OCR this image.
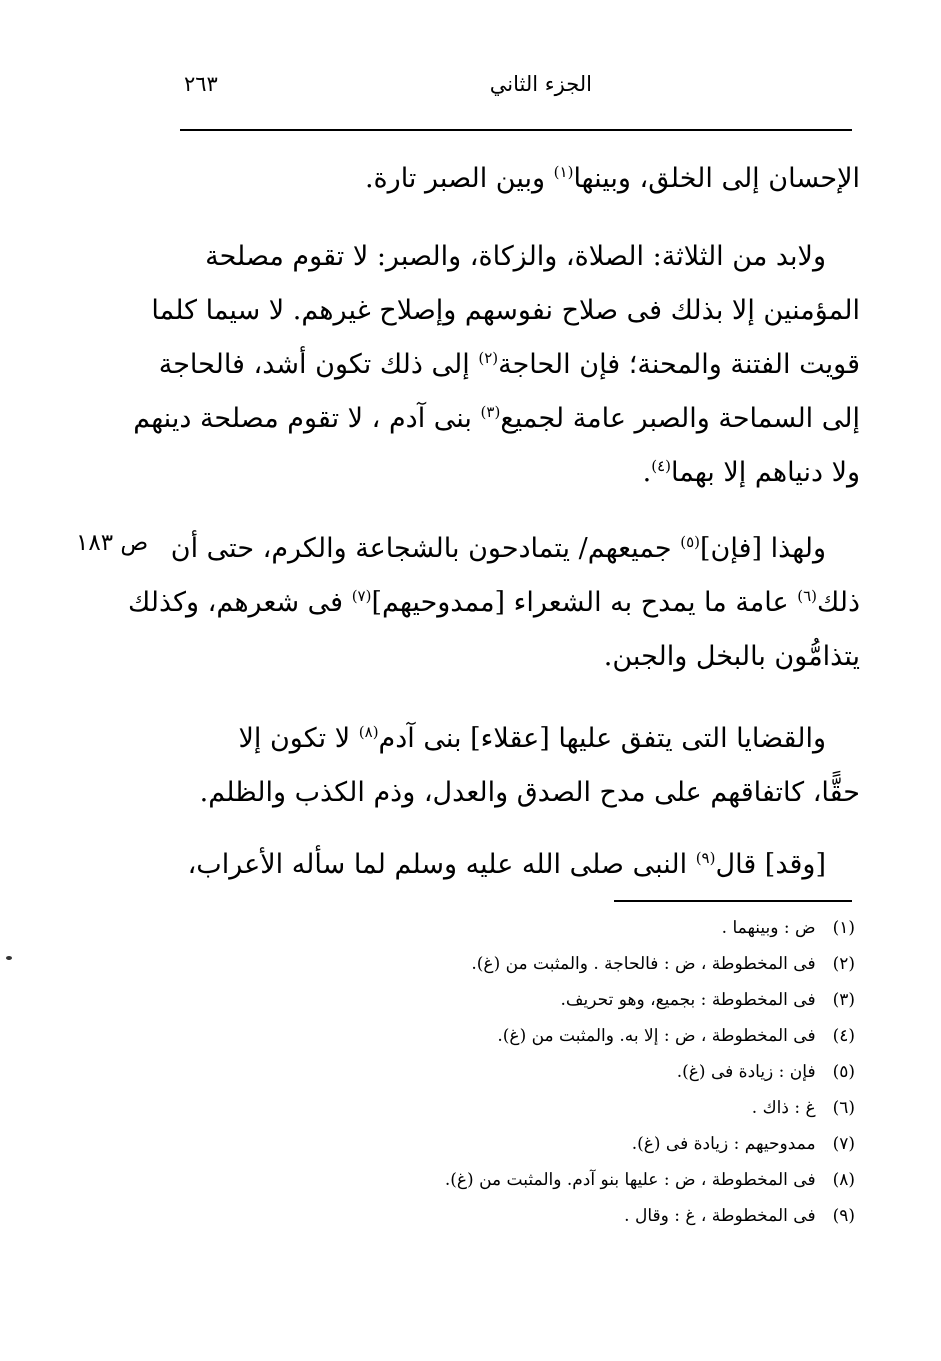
الجزء الثاني
٢٦٣
الإحسان إلى الخلق، وبينها$^{(١)}$ وبين الصبر تارة.
ولابد من الثلاثة: الصلاة، والزكاة، والصبر: لا تقوم مصلحة
المؤمنين إلا بذلك فى صلاح نفوسهم وإصلاح غيرهم. لا سيما كلما
قويت الفتنة والمحنة؛ فإن الحاجة$^{(٢)}$ إلى ذلك تكون أشد، فالحاجة
إلى السماحة والصبر عامة لجميع$^{(٣)}$ بنى آدم ، لا تقوم مصلحة دينهم
ولا دنياهم إلا بهما$^{(٤)}$.
ص ١٨٣	ولهذا [فإن]$^{(٥)}$ جميعهم/ يتمادحون بالشجاعة والكرم، حتى أن
ذلك$^{(٦)}$ عامة ما يمدح به الشعراء [ممدوحيهم]$^{(٧)}$ فى شعرهم، وكذلك
يتذامُّون بالبخل والجبن.
والقضايا التى يتفق عليها [عقلاء] بنى آدم$^{(٨)}$ لا تكون إلا
حقًّا، كاتفاقهم على مدح الصدق والعدل، وذم الكذب والظلم.
[وقد] قال$^{(٩)}$ النبى صلى الله عليه وسلم لما سأله الأعراب،
(١) ض : وبينهما .
(٢) فى المخطوطة ، ض : فالحاجة . والمثبت من (غ).
(٣) فى المخطوطة : بجميع، وهو تحريف.
(٤) فى المخطوطة ، ض : إلا به. والمثبت من (غ).
(٥) فإن : زيادة فى (غ).
(٦) غ : ذاك .
(٧) ممدوحيهم : زيادة فى (غ).
(٨) فى المخطوطة ، ض : عليها بنو آدم. والمثبت من (غ).
(٩) فى المخطوطة ، غ : وقال .
